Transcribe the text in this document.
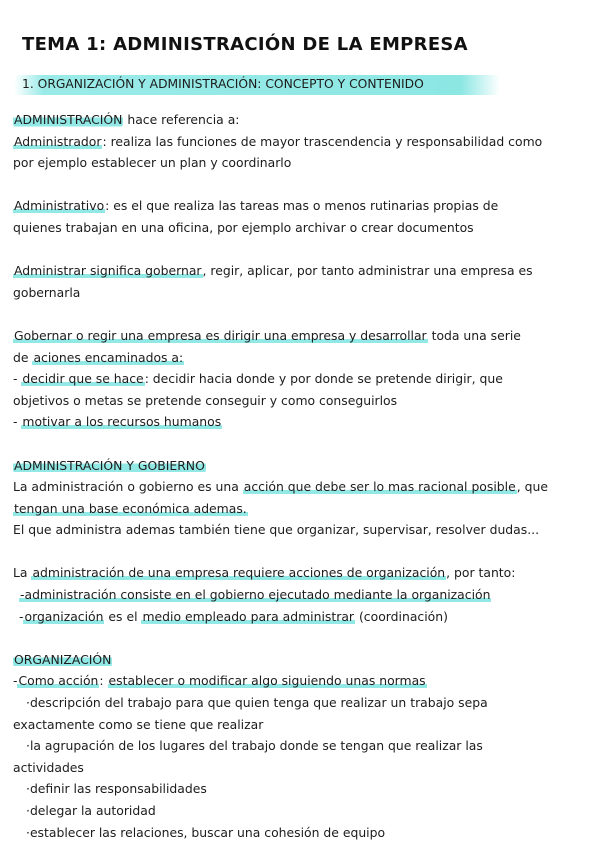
TEMA 1: ADMINISTRACIÓN DE LA EMPRESA
1. ORGANIZACIÓN Y ADMINISTRACIÓN: CONCEPTO Y CONTENIDO

ADMINISTRACIÓN hace referencia a:

Administrador: realiza las funciones de mayor trascendencia y responsabilidad como

por ejemplo establecer un plan y coordinarlo

Administrativo: es el que realiza las tareas mas o menos rutinarias propias de

quienes trabajan en una oficina, por ejemplo archivar o crear documentos

Administrar significa gobernar, regir, aplicar, por tanto administrar una empresa es

gobernarla

Gobernar o regir una empresa es dirigir una empresa y desarrollar toda una serie

de aciones encaminados a:

- decidir que se hace: decidir hacia donde y por donde se pretende dirigir, que

objetivos o metas se pretende conseguir y como conseguirlos

- motivar a los recursos humanos

ADMINISTRACIÓN Y GOBIERNO

La administración o gobierno es una acción que debe ser lo mas racional posible, que

tengan una base económica ademas.

El que administra ademas también tiene que organizar, supervisar, resolver dudas...

La administración de una empresa requiere acciones de organización, por tanto:

-administración consiste en el gobierno ejecutado mediante la organización

-organización es el medio empleado para administrar (coordinación)

ORGANIZACIÓN

-Como acción: establecer o modificar algo siguiendo unas normas

·descripción del trabajo para que quien tenga que realizar un trabajo sepa

exactamente como se tiene que realizar

·la agrupación de los lugares del trabajo donde se tengan que realizar las

actividades

·definir las responsabilidades

·delegar la autoridad

·establecer las relaciones, buscar una cohesión de equipo
